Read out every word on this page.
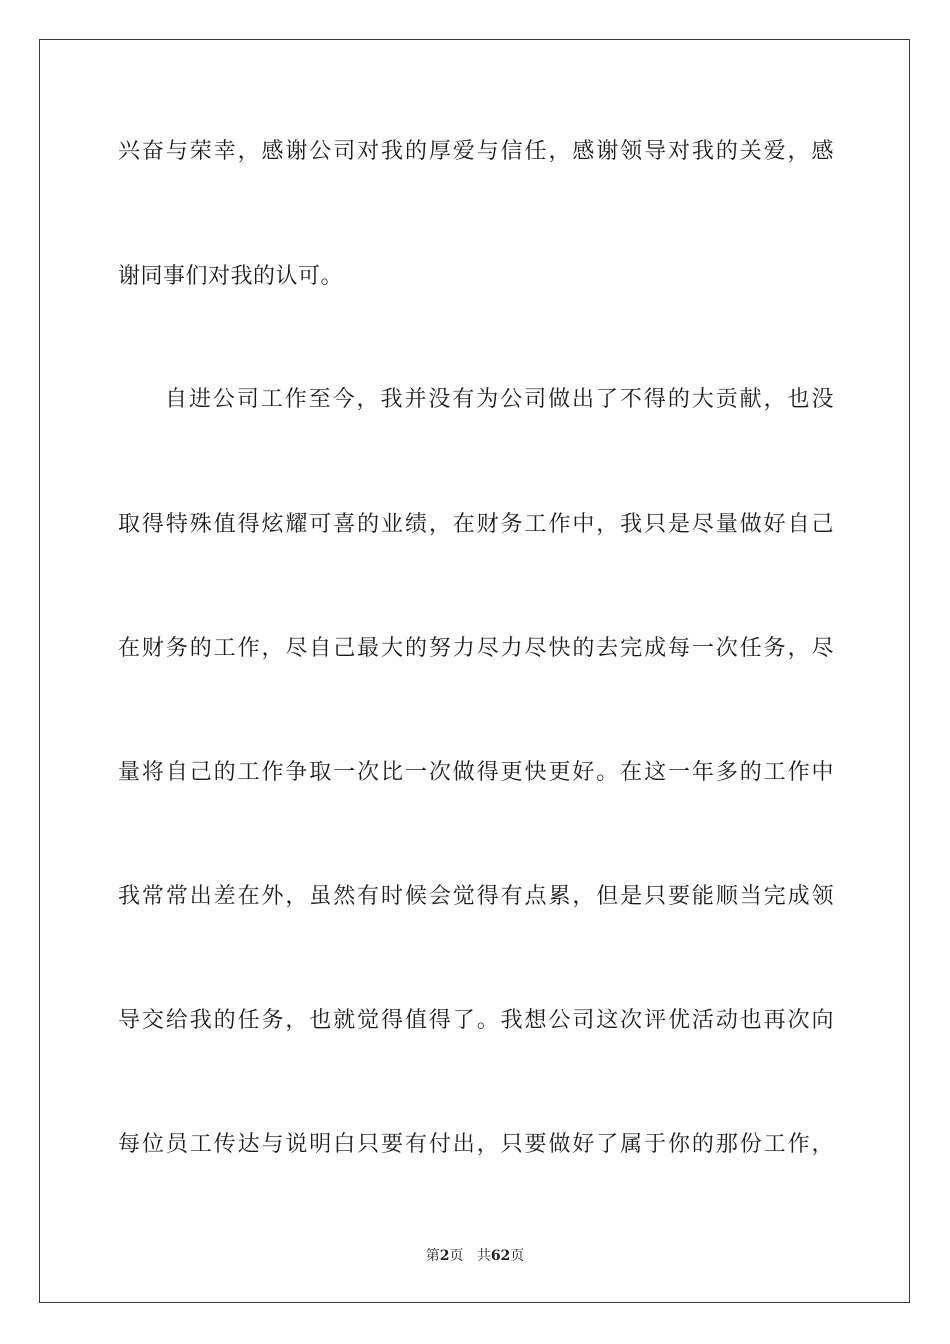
兴奋与荣幸，感谢公司对我的厚爱与信任，感谢领导对我的关爱，感
谢同事们对我的认可。
自进公司工作至今，我并没有为公司做出了不得的大贡献，也没
取得特殊值得炫耀可喜的业绩，在财务工作中，我只是尽量做好自己
在财务的工作，尽自己最大的努力尽力尽快的去完成每一次任务，尽
量将自己的工作争取一次比一次做得更快更好。在这一年多的工作中
我常常出差在外，虽然有时候会觉得有点累，但是只要能顺当完成领
导交给我的任务，也就觉得值得了。我想公司这次评优活动也再次向
每位员工传达与说明白只要有付出，只要做好了属于你的那份工作，
第2页 共62页
